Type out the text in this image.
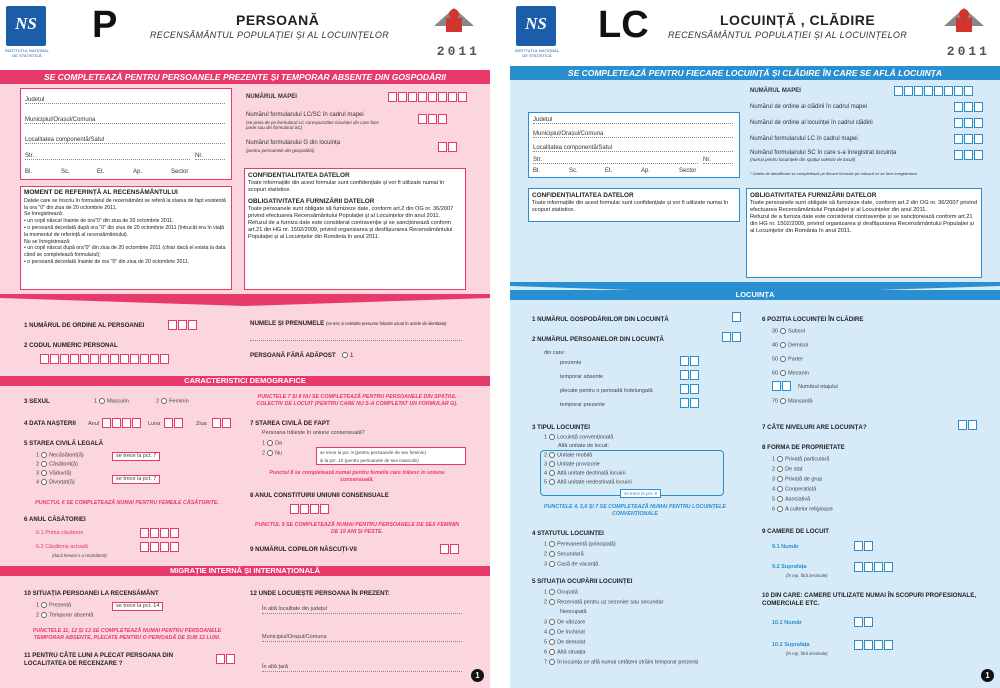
NS
INSTITUTUL NAȚIONAL DE STATISTICĂ
P	PERSOANĂ
RECENSĂMÂNTUL POPULAȚIEI ȘI AL LOCUINȚELOR
2011
SE COMPLETEAZĂ PENTRU PERSOANELE PREZENTE ȘI TEMPORAR ABSENTE DIN GOSPODĂRII
Județul
Municipiul/Orașul/Comuna
Localitatea componentă/Satul
Str.	Nr.
Bl.	Sc.	Et.	Ap.	Sector
NUMĂRUL MAPEI
Numărul formularului LC/SC în cadrul mapei
(se preia de pe formularul LC corespunzător locuinței din care face parte sau din formularul SC)
Numărul formularului G din locuința
(pentru persoanele din gospodării)
MOMENT DE REFERINȚĂ AL RECENSĂMÂNTULUI
Datele care se înscriu în formularul de recensământ se referă la starea de fapt existentă la ora "0" din ziua de 20 octombrie 2011.
Se înregistrează:
• un copil născut înainte de ora"0" din ziua de 20 octombrie 2011;
• o persoană decedată după ora "0" din ziua de 20 octombrie 2011 (întrucât era în viață la momentul de referință al recensământului).
Nu se înregistrează:
• un copil născut după ora"0" din ziua de 20 octombrie 2011 (chiar dacă el exista la data când se completează formularul);
• o persoană decedată înainte de ora "0" din ziua de 20 octombrie 2011.
CONFIDENȚIALITATEA DATELOR
Toate informațiile din acest formular sunt confidențiale și vor fi utilizate numai în scopuri statistice.
OBLIGATIVITATEA FURNIZĂRII DATELOR
Toate persoanele sunt obligate să furnizeze date, conform art.2 din OG nr. 36/2007 privind efectuarea Recensământului Populației și al Locuințelor din anul 2011.
Refuzul de a furniza date este considerat contravenție și se sancționează conform art.21 din HG nr. 1502/2009, privind organizarea și desfășurarea Recensământului Populației și al Locuințelor din România în anul 2011.
1 NUMĂRUL DE ORDINE AL PERSOANEI
2 CODUL NUMERIC PERSONAL
NUMELE ȘI PRENUMELE (se trec și celelalte prenume folosite uzual în actele de identitate)
PERSOANĂ FĂRĂ ADĂPOST	1
CARACTERISTICI DEMOGRAFICE
3 SEXUL	1 Masculin	2 Feminin
4 DATA NAȘTERII Anul	Luna	Ziua
5 STAREA CIVILĂ LEGALĂ
1 Necăsătorit(ă)
2 Căsătorit(ă)
3 Văduv(ă)
4 Divorțat(ă)
se trece la pct. 7
se trece la pct. 7
PUNCTUL 6 SE COMPLETEAZĂ NUMAI PENTRU FEMEILE CĂSĂTORITE.
6 ANUL CĂSĂTORIEI
6.1 Prima căsătorie
6.2 Căsătoria actuală
(dacă femeia s-a recăsătorit)
PUNCTELE 7 ȘI 8 NU SE COMPLETEAZĂ PENTRU PERSOANELE DIN SPAȚIUL COLECTIV DE LOCUIT (PENTRU CARE NU S-A COMPLETAT UN FORMULAR G).
7 STAREA CIVILĂ DE FAPT
Persoana trăiește în uniune consensuală?
1 Da
2 Nu	se trece la pct. 9 (pentru persoanele de sex feminin)
și la pct. 10 (pentru persoanele de sex masculin)
Punctul 8 se completează numai pentru femeile care trăiesc în uniune consensuală.
8 ANUL CONSTITUIRII UNIUNII CONSENSUALE
PUNCTUL 9 SE COMPLETEAZĂ NUMAI PENTRU PERSOANELE DE SEX FEMININ DE 15 ANI ȘI PESTE.
9 NUMĂRUL COPIILOR NĂSCUȚI-VII
MIGRAȚIE INTERNĂ ȘI INTERNAȚIONALĂ
10 SITUAȚIA PERSOANEI LA RECENSĂMÂNT
1 Prezentă
2 Temporar absentă
se trece la pct. 14
PUNCTELE 11, 12 ȘI 13 SE COMPLETEAZĂ NUMAI PENTRU PERSOANELE TEMPORAR ABSENTE, PLECATE PENTRU O PERIOADĂ DE SUB 12 LUNI.
11 PENTRU CÂTE LUNI A PLECAT PERSOANA DIN LOCALITATEA DE RECENZARE ?
12 UNDE LOCUIEȘTE PERSOANA ÎN PREZENT:
În altă localitate din județul
Municipiul/Orașul/Comuna
În altă țară
1
NS
INSTITUTUL NAȚIONAL DE STATISTICĂ
LC	LOCUINȚĂ , CLĂDIRE
RECENSĂMÂNTUL POPULAȚIEI ȘI AL LOCUINȚELOR
2011
SE COMPLETEAZĂ PENTRU FIECARE LOCUINȚĂ ȘI CLĂDIRE ÎN CARE SE AFLĂ LOCUINȚA
Județul
Municipiul/Orașul/Comuna
Localitatea componentă/Satul
Str.	Nr.
Bl.	Sc.	Et.	Ap.	Sector
NUMĂRUL MAPEI
Numărul de ordine al clădirii în cadrul mapei
Numărul de ordine al locuinței în cadrul clădirii
Numărul formularului LC în cadrul mapei
Numărul formularului SC în care s-a înregistrat locuința
(numai pentru locuințele din spațiul colectiv de locuit)
* Datele de identificare se completează pe fiecare formular pe măsură ce se face înregistrarea.
CONFIDENȚIALITATEA DATELOR
Toate informațiile din acest formular sunt confidențiale și vor fi utilizate numai în scopuri statistice.
OBLIGATIVITATEA FURNIZĂRII DATELOR
Toate persoanele sunt obligate să furnizeze date, conform art.2 din OG nr. 36/2007 privind efectuarea Recensământului Populației și al Locuințelor din anul 2011.
Refuzul de a furniza date este considerat contravenție și se sancționează conform art.21 din HG nr. 1502/2009, privind organizarea și desfășurarea Recensământului Populației și al Locuințelor din România în anul 2011.
LOCUINȚA
1 NUMĂRUL GOSPODĂRIILOR DIN LOCUINȚĂ
2 NUMĂRUL PERSOANELOR DIN LOCUINȚĂ
din care:
prezente
temporar absente
plecate pentru o perioadă îndelungată
temporar prezente
3 TIPUL LOCUINȚEI
1 Locuință convențională
Altă unitate de locuit:
2 Unitate mobilă
3 Unitate provizorie
4 Altă unitate destinată locuirii
5 Altă unitate nedestinată locuirii
se trece la pct. 8
PUNCTELE 4, 5,6 ȘI 7 SE COMPLETEAZĂ NUMAI PENTRU LOCUINȚELE CONVENȚIONALE
4 STATUTUL LOCUINȚEI
1 Permanentă (principală)
2 Secundară
3 Casă de vacanță
5 SITUAȚIA OCUPĂRII LOCUINȚEI
1 Ocupată
2 Rezervată pentru uz sezonier sau secundar
Neocupată
3 De vânzare
4 De închiriat
5 De demolat
6 Altă situația
7 În locuința se află numai cetățeni străini temporar prezenți
6 POZIȚIA LOCUINȚEI ÎN CLĂDIRE
30 Subsol
40 Demisol
50 Parter
60 Mezanin
Numărul etajului
70 Mansardă
7 CÂTE NIVELURI ARE LOCUINȚA?
8 FORMA DE PROPRIETATE
1 Privată particulară
2 De stat
3 Privată de grup
4 Cooperatistă
5 Asociativă
6 A cultelor religioase
9 CAMERE DE LOCUIT
9.1 Număr
9.2 Suprafața
(în mp, fără zecimale)
10 DIN CARE: CAMERE UTILIZATE NUMAI ÎN SCOPURI PROFESIONALE, COMERCIALE ETC.
10.1 Număr
10.2 Suprafața
(în mp, fără zecimale)
1
